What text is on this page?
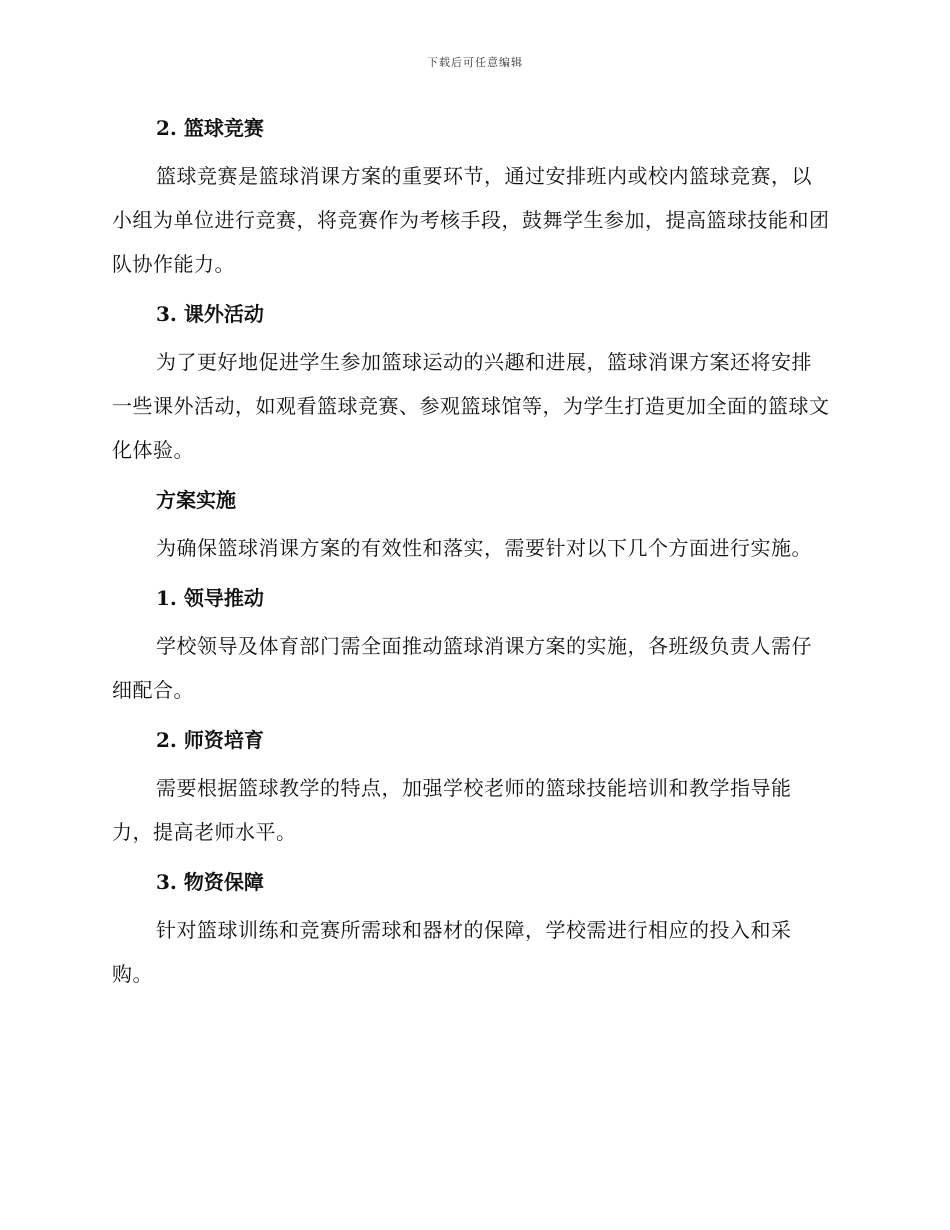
下载后可任意编辑
2. 篮球竞赛

篮球竞赛是篮球消课方案的重要环节，通过安排班内或校内篮球竞赛，以小组为单位进行竞赛，将竞赛作为考核手段，鼓舞学生参加，提高篮球技能和团队协作能力。

3. 课外活动

为了更好地促进学生参加篮球运动的兴趣和进展，篮球消课方案还将安排一些课外活动，如观看篮球竞赛、参观篮球馆等，为学生打造更加全面的篮球文化体验。

方案实施

为确保篮球消课方案的有效性和落实，需要针对以下几个方面进行实施。

1. 领导推动

学校领导及体育部门需全面推动篮球消课方案的实施，各班级负责人需仔细配合。

2. 师资培育

需要根据篮球教学的特点，加强学校老师的篮球技能培训和教学指导能力，提高老师水平。

3. 物资保障

针对篮球训练和竞赛所需球和器材的保障，学校需进行相应的投入和采购。
